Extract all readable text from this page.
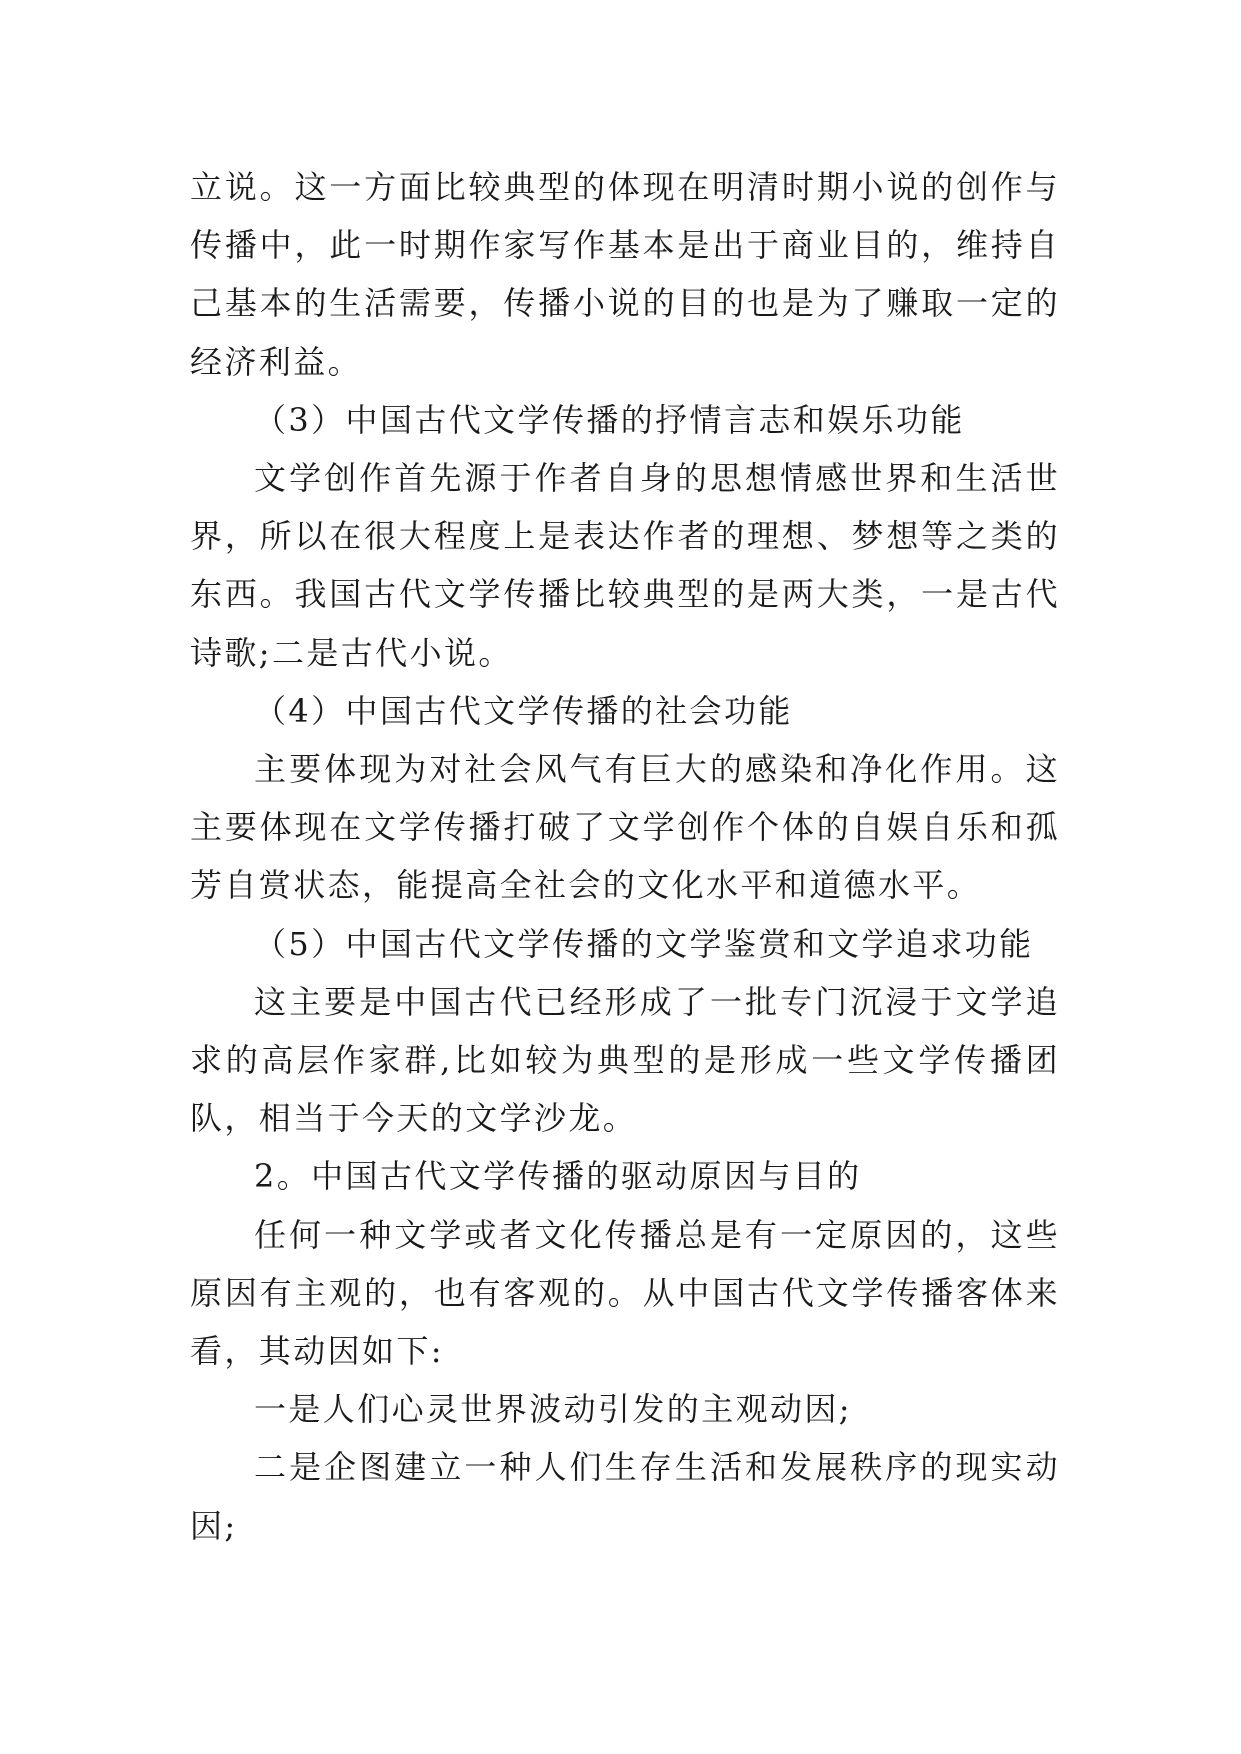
立说。这一方面比较典型的体现在明清时期小说的创作与传播中，此一时期作家写作基本是出于商业目的，维持自己基本的生活需要，传播小说的目的也是为了赚取一定的经济利益。

（3）中国古代文学传播的抒情言志和娱乐功能

文学创作首先源于作者自身的思想情感世界和生活世界，所以在很大程度上是表达作者的理想、梦想等之类的东西。我国古代文学传播比较典型的是两大类，一是古代诗歌;二是古代小说。

（4）中国古代文学传播的社会功能

主要体现为对社会风气有巨大的感染和净化作用。这主要体现在文学传播打破了文学创作个体的自娱自乐和孤芳自赏状态，能提高全社会的文化水平和道德水平。

（5）中国古代文学传播的文学鉴赏和文学追求功能

这主要是中国古代已经形成了一批专门沉浸于文学追求的高层作家群,比如较为典型的是形成一些文学传播团队，相当于今天的文学沙龙。

2。中国古代文学传播的驱动原因与目的

任何一种文学或者文化传播总是有一定原因的，这些原因有主观的，也有客观的。从中国古代文学传播客体来看，其动因如下:

一是人们心灵世界波动引发的主观动因;

二是企图建立一种人们生存生活和发展秩序的现实动因;
